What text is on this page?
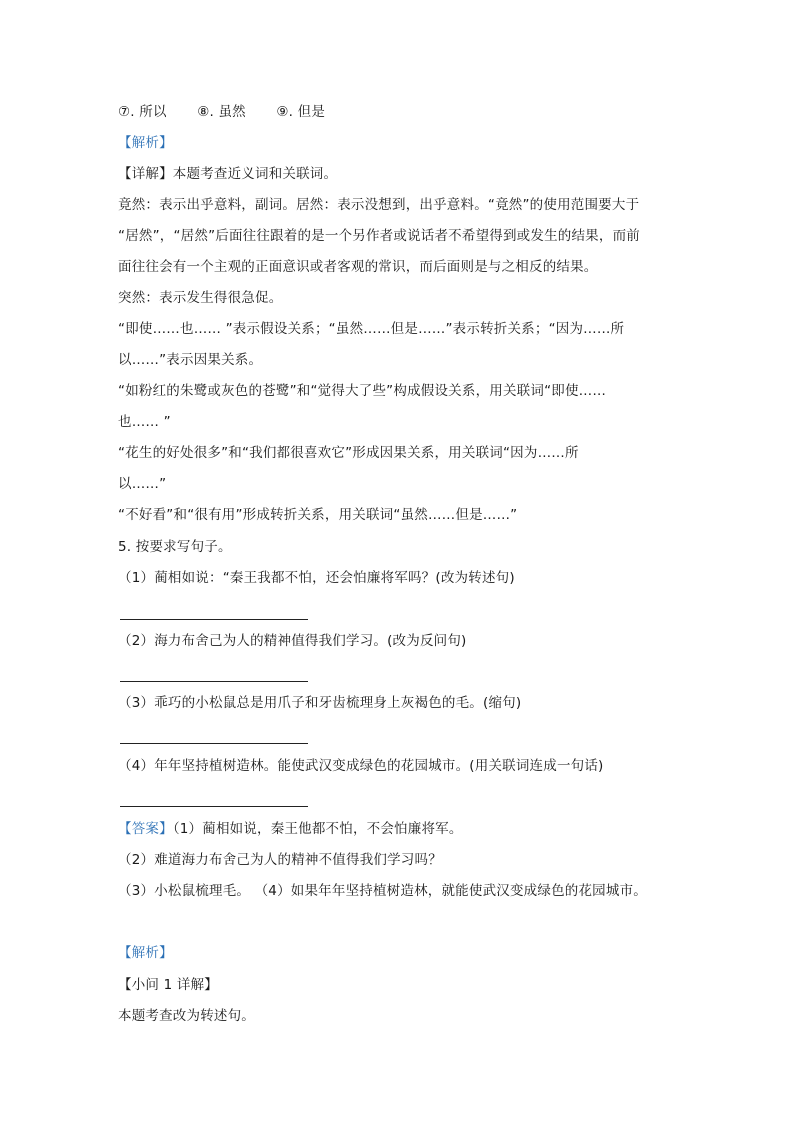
⑦. 所以 ⑧. 虽然 ⑨. 但是
【解析】
【详解】本题考查近义词和关联词。
竟然：表示出乎意料，副词。居然：表示没想到，出乎意料。“竟然”的使用范围要大于
“居然”，“居然”后面往往跟着的是一个另作者或说话者不希望得到或发生的结果，而前
面往往会有一个主观的正面意识或者客观的常识，而后面则是与之相反的结果。
突然：表示发生得很急促。
“即使……也…… ”表示假设关系；“虽然……但是……”表示转折关系；“因为……所
以……”表示因果关系。
“如粉红的朱鹭或灰色的苍鹭”和“觉得大了些”构成假设关系，用关联词“即使……
也…… ”
“花生的好处很多”和“我们都很喜欢它”形成因果关系，用关联词“因为……所
以……”
“不好看”和“很有用”形成转折关系，用关联词“虽然……但是……”
5. 按要求写句子。
（1）蔺相如说：“秦王我都不怕，还会怕廉将军吗？(改为转述句)
（2）海力布舍己为人的精神值得我们学习。(改为反问句)
（3）乖巧的小松鼠总是用爪子和牙齿梳理身上灰褐色的毛。(缩句)
（4）年年坚持植树造林。能使武汉变成绿色的花园城市。(用关联词连成一句话)
【答案】（1）蔺相如说，秦王他都不怕，不会怕廉将军。
（2）难道海力布舍己为人的精神不值得我们学习吗？
（3）小松鼠梳理毛。 （4）如果年年坚持植树造林，就能使武汉变成绿色的花园城市。
【解析】
【小问 1 详解】
本题考查改为转述句。
